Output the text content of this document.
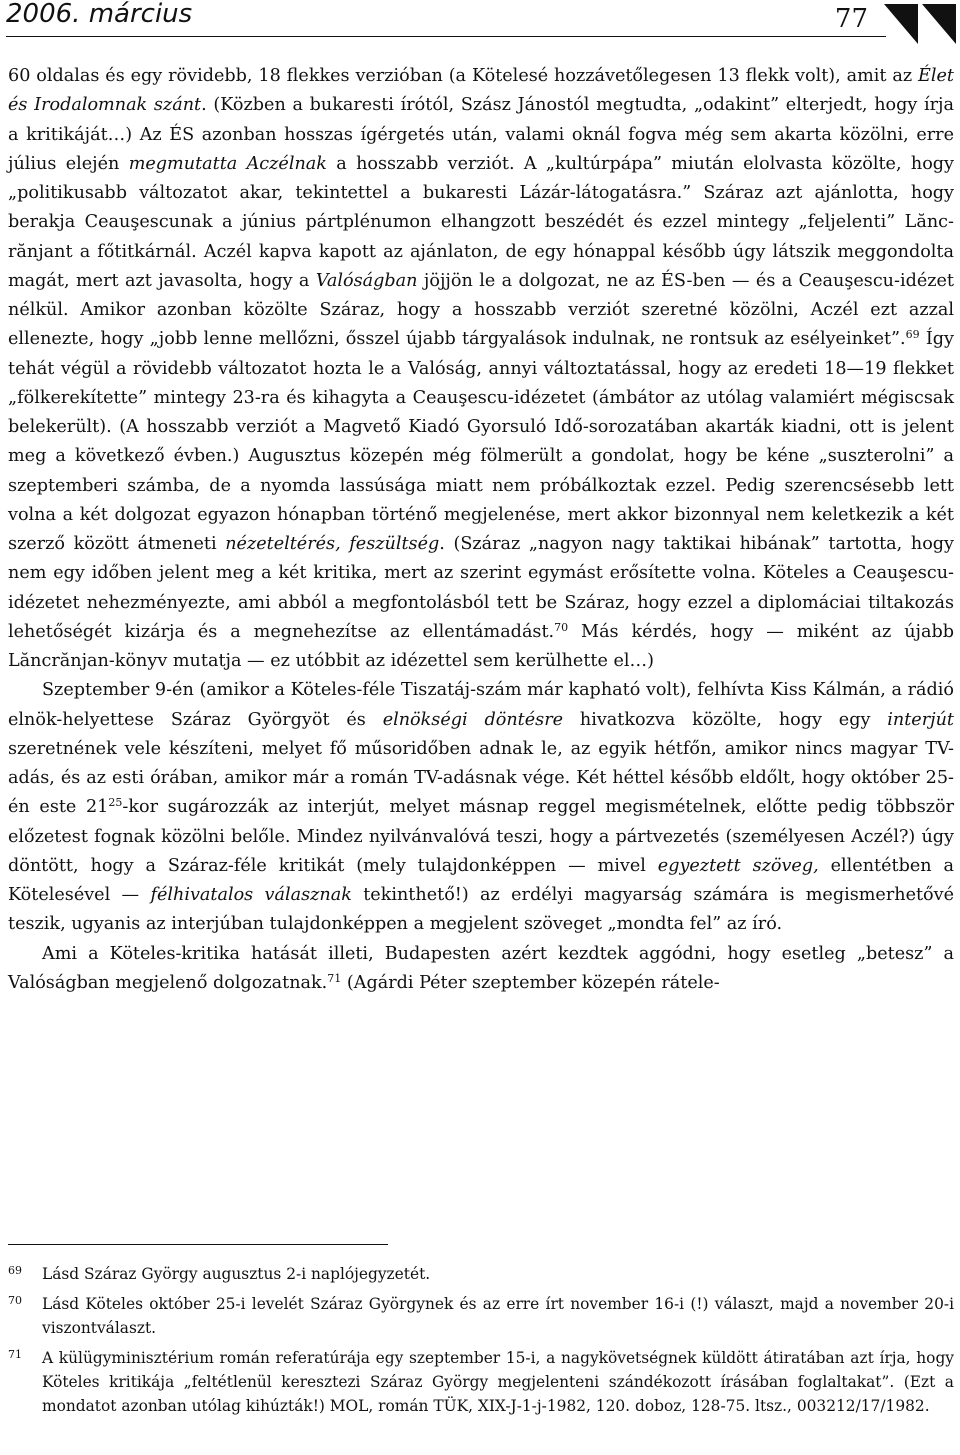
2006. március	77

60 oldalas és egy rövidebb, 18 flekkes verzióban (a Kötelesé hozzávetőlegesen 13 flekk volt), amit az Élet és Irodalomnak szánt. (Közben a bukaresti írótól, Szász Jánostól megtudta, „odakint” elterjedt, hogy írja a kritikáját…) Az ÉS azonban hosszas ígérgetés után, valami oknál fogva még sem akarta közölni, erre július elején megmutatta Aczélnak a hosszabb verziót. A „kultúrpápa” miután elolvasta közölte, hogy „politikusabb változatot akar, tekintettel a bukaresti Lázár-látogatásra.” Száraz azt ajánlotta, hogy berakja Ceauşescunak a június pártplénumon elhangzott beszédét és ezzel mintegy „feljelenti” Lăncrănjant a főtitkárnál. Aczél kapva kapott az ajánlaton, de egy hónappal később úgy látszik meggondolta magát, mert azt javasolta, hogy a Valóságban jöjjön le a dolgozat, ne az ÉS-ben — és a Ceauşescu-idézet nélkül. Amikor azonban közölte Száraz, hogy a hosszabb verziót szeretné közölni, Aczél ezt azzal ellenezte, hogy „jobb lenne mellőzni, ősszel újabb tárgyalások indulnak, ne rontsuk az esélyeinket”.$^{69}$ Így tehát végül a rövidebb változatot hozta le a Valóság, annyi változtatással, hogy az eredeti 18—19 flekket „fölkerekítette” mintegy 23-ra és kihagyta a Ceauşescu-idézetet (ámbátor az utólag valamiért mégiscsak belekerült). (A hosszabb verziót a Magvető Kiadó Gyorsuló Idő-sorozatában akarták kiadni, ott is jelent meg a következő évben.) Augusztus közepén még fölmerült a gondolat, hogy be kéne „suszterolni” a szeptemberi számba, de a nyomda lassúsága miatt nem próbálkoztak ezzel. Pedig szerencsésebb lett volna a két dolgozat egyazon hónapban történő megjelenése, mert akkor bizonnyal nem keletkezik a két szerző között átmeneti nézeteltérés, feszültség. (Száraz „nagyon nagy taktikai hibának” tartotta, hogy nem egy időben jelent meg a két kritika, mert az szerint egymást erősítette volna. Köteles a Ceauşescu-idézetet nehezményezte, ami abból a megfontolásból tett be Száraz, hogy ezzel a diplomáciai tiltakozás lehetőségét kizárja és a megnehezítse az ellentámadást.$^{70}$ Más kérdés, hogy — miként az újabb Lăncrănjan-könyv mutatja — ez utóbbit az idézettel sem kerülhette el…)

Szeptember 9-én (amikor a Köteles-féle Tiszatáj-szám már kapható volt), felhívta Kiss Kálmán, a rádió elnök-helyettese Száraz Györgyöt és elnökségi döntésre hivatkozva közölte, hogy egy interjút szeretnének vele készíteni, melyet fő műsoridőben adnak le, az egyik hétfőn, amikor nincs magyar TV-adás, és az esti órában, amikor már a román TV-adásnak vége. Két héttel később eldőlt, hogy október 25-én este $21^{25}$-kor sugározzák az interjút, melyet másnap reggel megismételnek, előtte pedig többször előzetest fognak közölni belőle. Mindez nyilvánvalóvá teszi, hogy a pártvezetés (személyesen Aczél?) úgy döntött, hogy a Száraz-féle kritikát (mely tulajdonképpen — mivel egyeztett szöveg, ellentétben a Kötelesével — félhivatalos válasznak tekinthető!) az erdélyi magyarság számára is megismerhetővé teszik, ugyanis az interjúban tulajdonképpen a megjelent szöveget „mondta fel” az író.

Ami a Köteles-kritika hatását illeti, Budapesten azért kezdtek aggódni, hogy esetleg „betesz” a Valóságban megjelenő dolgozatnak.$^{71}$ (Agárdi Péter szeptember közepén rátele-

69	Lásd Száraz György augusztus 2-i naplójegyzetét.
70	Lásd Köteles október 25-i levelét Száraz Györgynek és az erre írt november 16-i (!) választ, majd a november 20-i viszontválaszt.
71	A külügyminisztérium román referatúrája egy szeptember 15-i, a nagykövetségnek küldött átiratában azt írja, hogy Köteles kritikája „feltétlenül keresztezi Száraz György megjelenteni szándékozott írásában foglaltakat”. (Ezt a mondatot azonban utólag kihúzták!) MOL, román TÜK, XIX-J-1-j-1982, 120. doboz, 128-75. ltsz., 003212/17/1982.
